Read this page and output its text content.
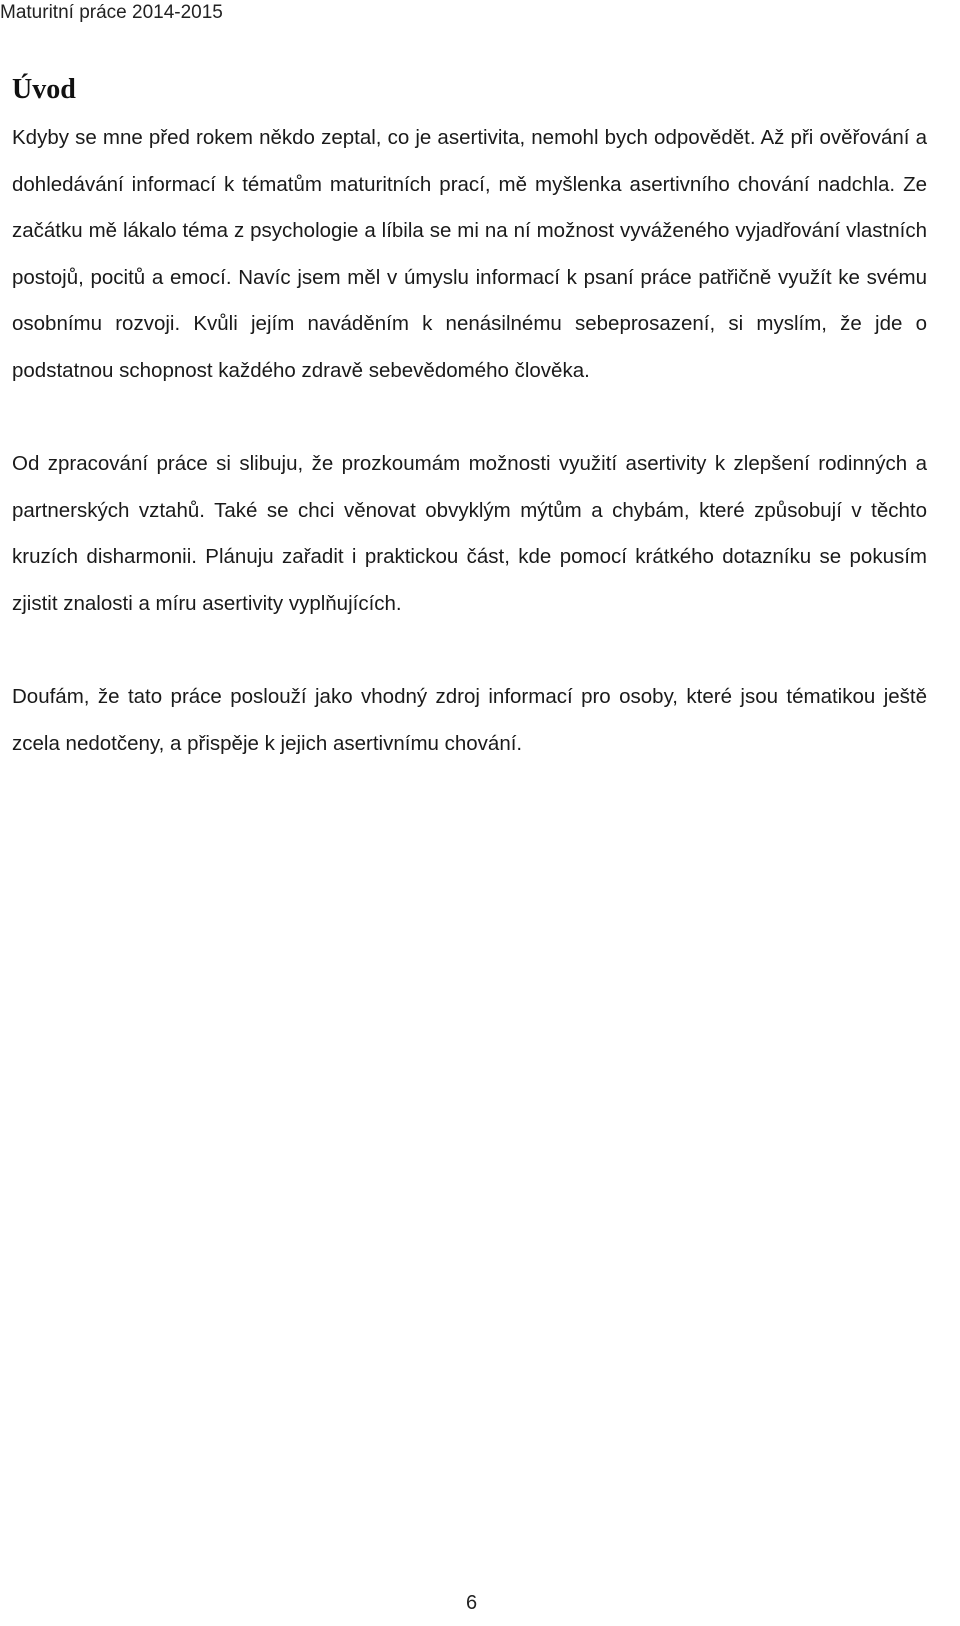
Maturitní práce 2014-2015
Úvod

Kdyby se mne před rokem někdo zeptal, co je asertivita, nemohl bych odpovědět. Až při ověřování a dohledávání informací k tématům maturitních prací, mě myšlenka asertivního chování nadchla. Ze začátku mě lákalo téma z psychologie a líbila se mi na ní možnost vyváženého vyjadřování vlastních postojů, pocitů a emocí. Navíc jsem měl v úmyslu informací k psaní práce patřičně využít ke svému osobnímu rozvoji. Kvůli jejím naváděním k nenásilnému sebeprosazení, si myslím, že jde o podstatnou schopnost každého zdravě sebevědomého člověka.

Od zpracování práce si slibuju, že prozkoumám možnosti využití asertivity k zlepšení rodinných a partnerských vztahů. Také se chci věnovat obvyklým mýtům a chybám, které způsobují v těchto kruzích disharmonii. Plánuju zařadit i praktickou část, kde pomocí krátkého dotazníku se pokusím zjistit znalosti a míru asertivity vyplňujících.

Doufám, že tato práce poslouží jako vhodný zdroj informací pro osoby, které jsou tématikou ještě zcela nedotčeny, a přispěje k jejich asertivnímu chování.

6
